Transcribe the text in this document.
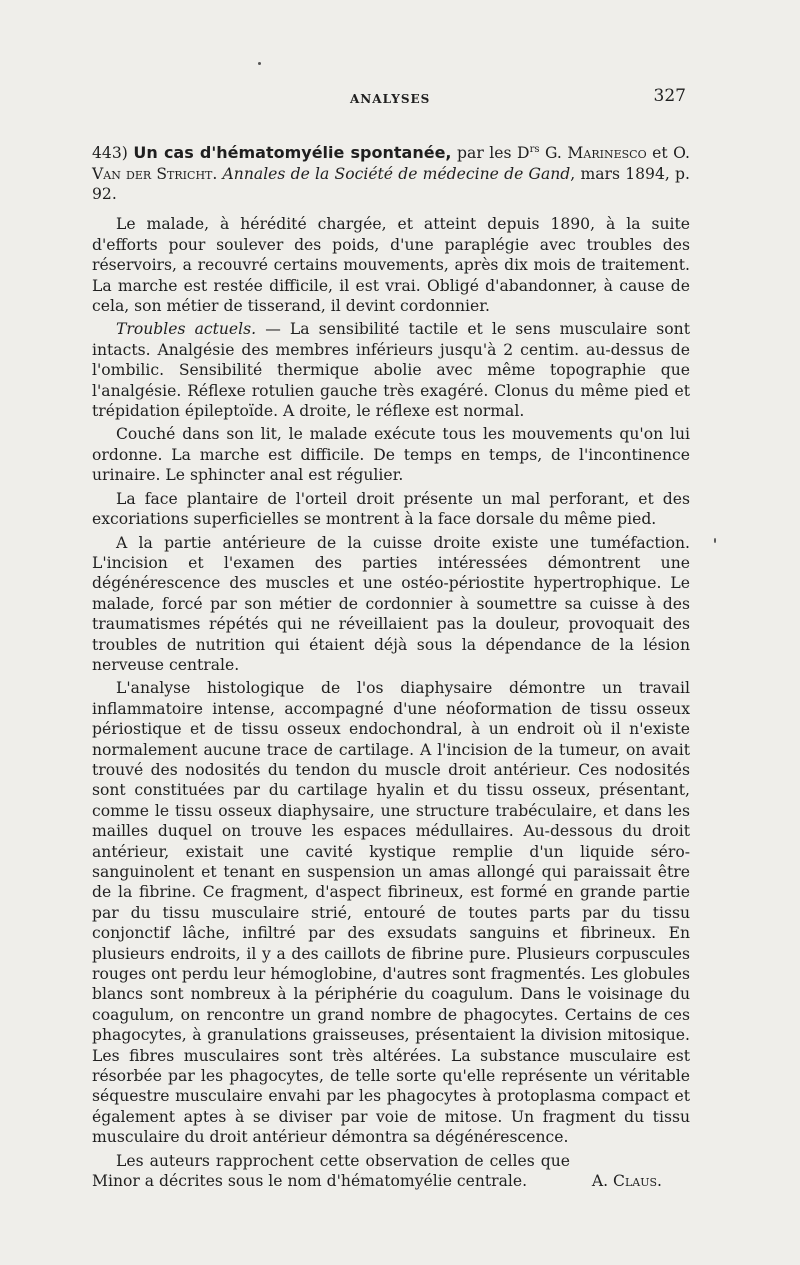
ANALYSES	327

443) Un cas d'hématomyélie spontanée, par les $D^{rs}$ G. Marinesco et O. Van der Stricht. Annales de la Société de médecine de Gand, mars 1894, p. 92.

Le malade, à hérédité chargée, et atteint depuis 1890, à la suite d'efforts pour soulever des poids, d'une paraplégie avec troubles des réservoirs, a recouvré certains mouvements, après dix mois de traitement. La marche est restée difficile, il est vrai. Obligé d'abandonner, à cause de cela, son métier de tisserand, il devint cordonnier.

Troubles actuels. — La sensibilité tactile et le sens musculaire sont intacts. Analgésie des membres inférieurs jusqu'à 2 centim. au-dessus de l'ombilic. Sensibilité thermique abolie avec même topographie que l'analgésie. Réflexe rotulien gauche très exagéré. Clonus du même pied et trépidation épileptoïde. A droite, le réflexe est normal.

Couché dans son lit, le malade exécute tous les mouvements qu'on lui ordonne. La marche est difficile. De temps en temps, de l'incontinence urinaire. Le sphincter anal est régulier.

La face plantaire de l'orteil droit présente un mal perforant, et des excoriations superficielles se montrent à la face dorsale du même pied.

A la partie antérieure de la cuisse droite existe une tuméfaction. L'incision et l'examen des parties intéressées démontrent une dégénérescence des muscles et une ostéo-périostite hypertrophique. Le malade, forcé par son métier de cordonnier à soumettre sa cuisse à des traumatismes répétés qui ne réveillaient pas la douleur, provoquait des troubles de nutrition qui étaient déjà sous la dépendance de la lésion nerveuse centrale.

L'analyse histologique de l'os diaphysaire démontre un travail inflammatoire intense, accompagné d'une néoformation de tissu osseux périostique et de tissu osseux endochondral, à un endroit où il n'existe normalement aucune trace de cartilage. A l'incision de la tumeur, on avait trouvé des nodosités du tendon du muscle droit antérieur. Ces nodosités sont constituées par du cartilage hyalin et du tissu osseux, présentant, comme le tissu osseux diaphysaire, une structure trabéculaire, et dans les mailles duquel on trouve les espaces médullaires. Au-dessous du droit antérieur, existait une cavité kystique remplie d'un liquide séro-sanguinolent et tenant en suspension un amas allongé qui paraissait être de la fibrine. Ce fragment, d'aspect fibrineux, est formé en grande partie par du tissu musculaire strié, entouré de toutes parts par du tissu conjonctif lâche, infiltré par des exsudats sanguins et fibrineux. En plusieurs endroits, il y a des caillots de fibrine pure. Plusieurs corpuscules rouges ont perdu leur hémoglobine, d'autres sont fragmentés. Les globules blancs sont nombreux à la périphérie du coagulum. Dans le voisinage du coagulum, on rencontre un grand nombre de phagocytes. Certains de ces phagocytes, à granulations graisseuses, présentaient la division mitosique. Les fibres musculaires sont très altérées. La substance musculaire est résorbée par les phagocytes, de telle sorte qu'elle représente un véritable séquestre musculaire envahi par les phagocytes à protoplasma compact et également aptes à se diviser par voie de mitose. Un fragment du tissu musculaire du droit antérieur démontra sa dégénérescence.

Les auteurs rapprochent cette observation de celles que Minor a décrites sous le nom d'hématomyélie centrale.	A. Claus.
